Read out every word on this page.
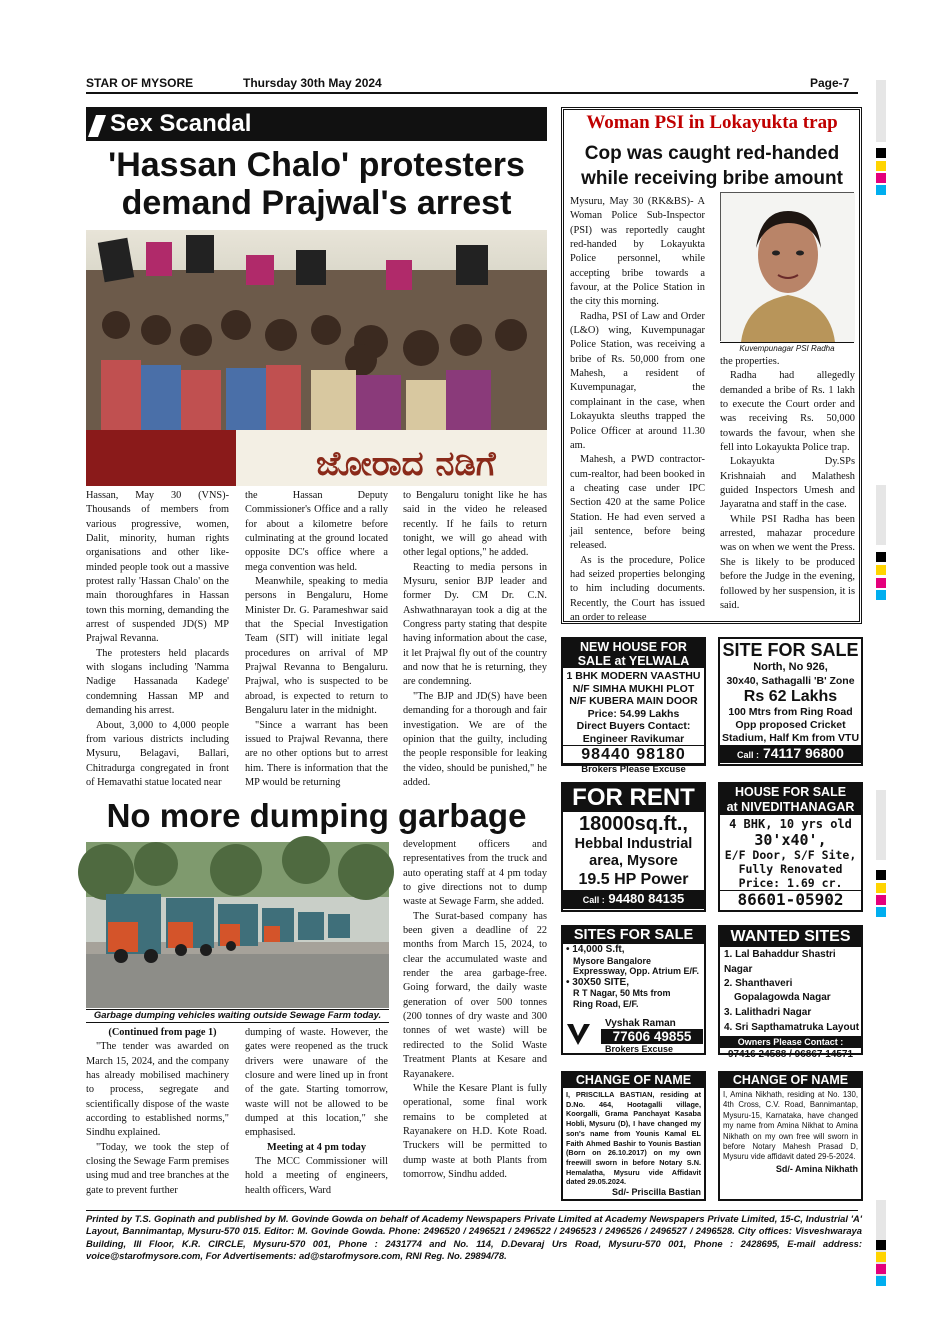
STAR OF MYSORE	Thursday 30th May 2024	Page-7
Sex Scandal
'Hassan Chalo' protesters
demand Prajwal's arrest
ಜೋರಾದ ನಡಿಗೆ

Hassan, May 30 (VNS)- Thousands of members from various progressive, women, Dalit, minority, human rights organisations and other like-minded people took out a massive protest rally 'Hassan Chalo' on the main thoroughfares in Hassan town this morning, demanding the arrest of suspended JD(S) MP Prajwal Revanna.

The protesters held placards with slogans including 'Namma Nadige Hassanada Kadege' condemning Hassan MP and demanding his arrest.

About, 3,000 to 4,000 people from various districts including Mysuru, Belagavi, Ballari, Chitradurga congregated in front of Hemavathi statue located near

the Hassan Deputy Commissioner's Office and a rally for about a kilometre before culminating at the ground located opposite DC's office where a mega convention was held.

Meanwhile, speaking to media persons in Bengaluru, Home Minister Dr. G. Parameshwar said that the Special Investigation Team (SIT) will initiate legal procedures on arrival of MP Prajwal Revanna to Bengaluru. Prajwal, who is suspected to be abroad, is expected to return to Bengaluru later in the midnight.

"Since a warrant has been issued to Prajwal Revanna, there are no other options but to arrest him. There is information that the MP would be returning

to Bengaluru tonight like he has said in the video he released recently. If he fails to return tonight, we will go ahead with other legal options," he added.

Reacting to media persons in Mysuru, senior BJP leader and former Dy. CM Dr. C.N. Ashwathnarayan took a dig at the Congress party stating that despite having information about the case, it let Prajwal fly out of the country and now that he is returning, they are condemning.

"The BJP and JD(S) have been demanding for a thorough and fair investigation. We are of the opinion that the guilty, including the people responsible for leaking the video, should be punished," he added.

Woman PSI in Lokayukta trap
Cop was caught red-handed
while receiving bribe amount
Kuvempunagar PSI Radha

Mysuru, May 30 (RK&BS)- A Woman Police Sub-Inspector (PSI) was reportedly caught red-handed by Lokayukta Police personnel, while accepting bribe towards a favour, at the Police Station in the city this morning.

Radha, PSI of Law and Order (L&O) wing, Kuvempunagar Police Station, was receiving a bribe of Rs. 50,000 from one Mahesh, a resident of Kuvempunagar, the complainant in the case, when Lokayukta sleuths trapped the Police Officer at around 11.30 am.

Mahesh, a PWD contractor-cum-realtor, had been booked in a cheating case under IPC Section 420 at the same Police Station. He had even served a jail sentence, before being released.

As is the procedure, Police had seized properties belonging to him including documents. Recently, the Court has issued an order to release

the properties.

Radha had allegedly demanded a bribe of Rs. 1 lakh to execute the Court order and was receiving Rs. 50,000 towards the favour, when she fell into Lokayukta Police trap.

Lokayukta Dy.SPs Krishnaiah and Malathesh guided Inspectors Umesh and Jayaratna and staff in the case.

While PSI Radha has been arrested, mahazar procedure was on when we went the Press. She is likely to be produced before the Judge in the evening, followed by her suspension, it is said.

No more dumping garbage
Garbage dumping vehicles waiting outside Sewage Farm today.

(Continued from page 1)

"The tender was awarded on March 15, 2024, and the company has already mobilised machinery to process, segregate and scientifically dispose of the waste according to established norms," Sindhu explained.

"Today, we took the step of closing the Sewage Farm premises using mud and tree branches at the gate to prevent further

dumping of waste. However, the gates were reopened as the truck drivers were unaware of the closure and were lined up in front of the gate. Starting tomorrow, waste will not be allowed to be dumped at this location," she emphasised.

Meeting at 4 pm today

The MCC Commissioner will hold a meeting of engineers, health officers, Ward

development officers and representatives from the truck and auto operating staff at 4 pm today to give directions not to dump waste at Sewage Farm, she added.

The Surat-based company has been given a deadline of 22 months from March 15, 2024, to clear the accumulated waste and render the area garbage-free. Going forward, the daily waste generation of over 500 tonnes (200 tonnes of dry waste and 300 tonnes of wet waste) will be redirected to the Solid Waste Treatment Plants at Kesare and Rayanakere.

While the Kesare Plant is fully operational, some final work remains to be completed at Rayanakere on H.D. Kote Road. Truckers will be permitted to dump waste at both Plants from tomorrow, Sindhu added.

NEW HOUSE FOR
SALE at YELWALA
1 BHK MODERN VAASTHU
N/F SIMHA MUKHI PLOT
N/F KUBERA MAIN DOOR
Price: 54.99 Lakhs
Direct Buyers Contact:
Engineer Ravikumar
98440 98180
Brokers Please Excuse
SITE FOR SALE
North, No 926,
30x40, Sathagalli 'B' Zone
Rs 62 Lakhs
100 Mtrs from Ring Road
Opp proposed Cricket
Stadium, Half Km from VTU
Call : 74117 96800
FOR RENT
18000sq.ft.,
Hebbal Industrial
area, Mysore
19.5 HP Power
Call : 94480 84135
HOUSE FOR SALE
at NIVEDITHANAGAR
4 BHK, 10 yrs old
30'x40',
E/F Door, S/F Site,
Fully Renovated
Price: 1.69 cr.
86601-05902
SITES FOR SALE
• 14,000 S.ft,
Mysore Bangalore
Expressway, Opp. Atrium E/F.
• 30X50 SITE,
R T Nagar, 50 Mts from
Ring Road, E/F.
Vyshak Raman
77606 49855
Brokers Excuse
WANTED SITES
1. Lal Bahaddur Shastri Nagar
2. Shanthaveri
Gopalagowda Nagar
3. Lalithadri Nagar
4. Sri Sapthamatruka Layout
Owners Please Contact :
97416 24588 / 96867 14571
CHANGE OF NAME
I, PRISCILLA BASTIAN, residing at D.No. 464, Hootagalli village, Koorgalli, Grama Panchayat Kasaba Hobli, Mysuru (D), I have changed my son's name from Younis Kamal EL Faith Ahmed Bashir to Younis Bastian (Born on 26.10.2017) on my own freewill sworn in before Notary S.N. Hemalatha, Mysuru vide Affidavit dated 29.05.2024.
Sd/- Priscilla Bastian
CHANGE OF NAME
I, Amina Nikhath, residing at No. 130, 4th Cross, C.V. Road, Bannimantap, Mysuru-15, Karnataka, have changed my name from Amina Nikhat to Amina Nikhath on my own free will sworn in before Notary Mahesh Prasad D, Mysuru vide affidavit dated 29-5-2024.
Sd/- Amina Nikhath
Printed by T.S. Gopinath and published by M. Govinde Gowda on behalf of Academy Newspapers Private Limited at Academy Newspapers Private Limited, 15-C, Industrial 'A' Layout, Bannimantap, Mysuru-570 015. Editor: M. Govinde Gowda. Phone: 2496520 / 2496521 / 2496522 / 2496523 / 2496526 / 2496527 / 2496528. City offices: Visveshwaraya Building, III Floor, K.R. CIRCLE, Mysuru-570 001, Phone : 2431774 and No. 114, D.Devaraj Urs Road, Mysuru-570 001, Phone : 2428695, E-mail address: voice@starofmysore.com, For Advertisements: ad@starofmysore.com, RNI Reg. No. 29894/78.
